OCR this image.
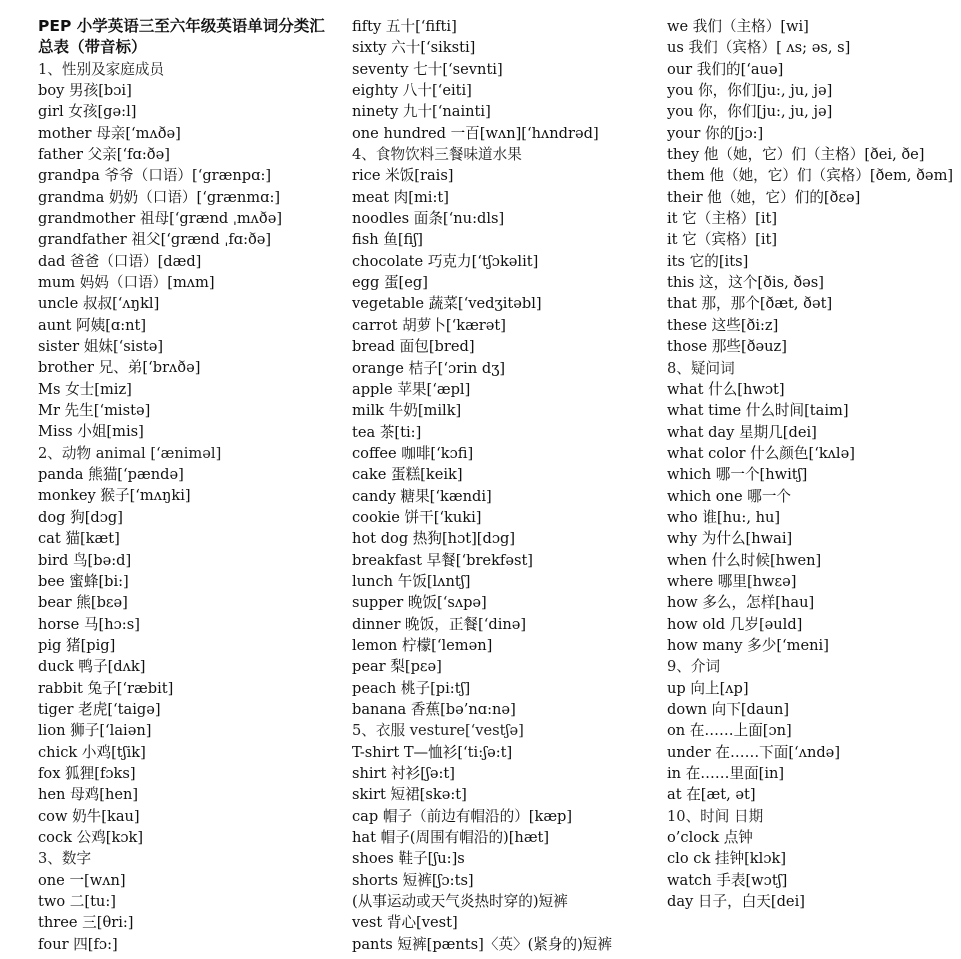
PEP 小学英语三至六年级英语单词分类汇总表（带音标）
1、性别及家庭成员
boy 男孩[bɔi]
girl 女孩[gə:l]
mother 母亲[‘mʌðə]
father 父亲[‘fɑ:ðə]
grandpa 爷爷（口语）[‘grænpɑ:]
grandma 奶奶（口语）[‘grænmɑ:]
grandmother 祖母[‘grænd ˌmʌðə]
grandfather 祖父[‘grænd ˌfɑ:ðə]
dad 爸爸（口语）[dæd]
mum 妈妈（口语）[mʌm]
uncle 叔叔[‘ʌŋkl]
aunt 阿姨[ɑ:nt]
sister 姐妹[‘sistə]
brother 兄、弟[‘brʌðə]
Ms 女士[miz]
Mr 先生[‘mistə]
Miss 小姐[mis]
2、动物 animal [‘æniməl]
panda 熊猫[‘pændə]
monkey 猴子[‘mʌŋki]
dog 狗[dɔg]
cat 猫[kæt]
bird 鸟[bə:d]
bee 蜜蜂[bi:]
bear 熊[bεə]
horse 马[hɔ:s]
pig 猪[pig]
duck 鸭子[dʌk]
rabbit 兔子[‘ræbit]
tiger 老虎[‘taigə]
lion 狮子[‘laiən]
chick 小鸡[tʃik]
fox 狐狸[fɔks]
hen 母鸡[hen]
cow 奶牛[kau]
cock 公鸡[kɔk]
3、数字
one 一[wʌn]
two 二[tu:]
three 三[θri:]
four 四[fɔ:]
fifty 五十[‘fifti]
sixty 六十[‘siksti]
seventy 七十[‘sevnti]
eighty 八十[‘eiti]
ninety 九十[‘nainti]
one hundred 一百[wʌn][‘hʌndrəd]
4、食物饮料三餐味道水果
rice 米饭[rais]
meat 肉[mi:t]
noodles 面条[‘nu:dls]
fish 鱼[fiʃ]
chocolate 巧克力[‘tʃɔkəlit]
egg 蛋[eg]
vegetable 蔬菜[‘vedʒitəbl]
carrot 胡萝卜[‘kærət]
bread 面包[bred]
orange 桔子[‘ɔrin dʒ]
apple 苹果[‘æpl]
milk 牛奶[milk]
tea 茶[ti:]
coffee 咖啡[‘kɔfi]
cake 蛋糕[keik]
candy 糖果[‘kændi]
cookie 饼干[‘kuki]
hot dog 热狗[hɔt][dɔg]
breakfast 早餐[‘brekfəst]
lunch 午饭[lʌntʃ]
supper 晚饭[‘sʌpə]
dinner 晚饭，正餐[‘dinə]
lemon 柠檬[‘lemən]
pear 梨[pεə]
peach 桃子[pi:tʃ]
banana 香蕉[bə’nɑ:nə]
5、衣服 vesture[‘vestʃə]
T-shirt T—恤衫[‘ti:ʃə:t]
shirt 衬衫[ʃə:t]
skirt 短裙[skə:t]
cap 帽子（前边有帽沿的）[kæp]
hat 帽子(周围有帽沿的)[hæt]
shoes 鞋子[ʃu:]s
shorts 短裤[ʃɔ:ts]
(从事运动或天气炎热时穿的)短裤
vest 背心[vest]
pants 短裤[pænts]〈英〉(紧身的)短裤
we 我们（主格）[wi]
us 我们（宾格）[ ʌs; əs, s]
our 我们的[‘auə]
you 你，你们[ju:, ju, jə]
you 你，你们[ju:, ju, jə]
your 你的[jɔ:]
they 他（她，它）们（主格）[ðei, ðe]
them 他（她，它）们（宾格）[ðem, ðəm]
their 他（她，它）们的[ðεə]
it 它（主格）[it]
it 它（宾格）[it]
its 它的[its]
this 这，这个[ðis, ðəs]
that 那，那个[ðæt, ðət]
these 这些[ði:z]
those 那些[ðəuz]
8、疑问词
what 什么[hwɔt]
what time 什么时间[taim]
what day 星期几[dei]
what color 什么颜色[‘kʌlə]
which 哪一个[hwitʃ]
which one 哪一个
who 谁[hu:, hu]
why 为什么[hwai]
when 什么时候[hwen]
where 哪里[hwεə]
how 多么，怎样[hau]
how old 几岁[əuld]
how many 多少[‘meni]
9、介词
up 向上[ʌp]
down 向下[daun]
on 在……上面[ɔn]
under 在……下面[‘ʌndə]
in 在……里面[in]
at 在[æt, ət]
10、时间 日期
o’clock 点钟
clo ck 挂钟[klɔk]
watch 手表[wɔtʃ]
day 日子，白天[dei]
